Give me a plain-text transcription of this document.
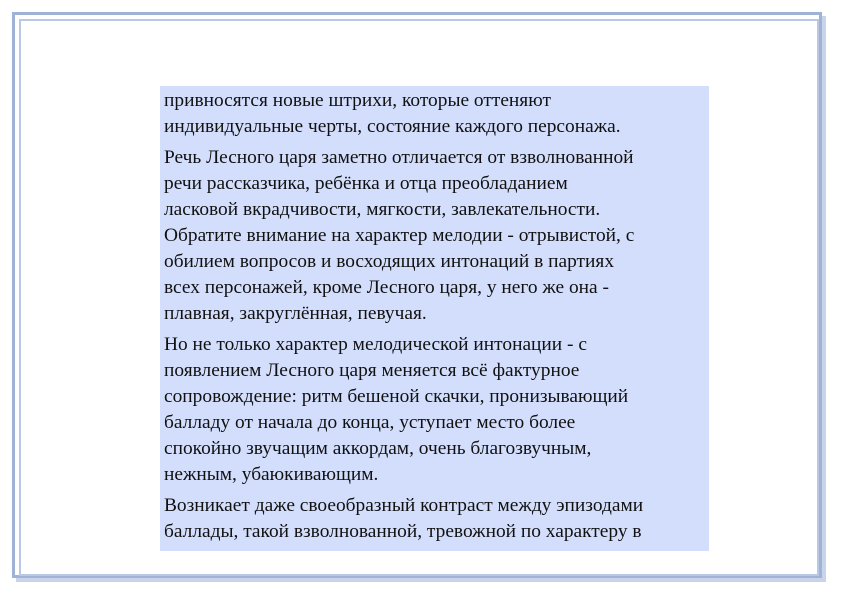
привносятся новые штрихи, которые оттеняют
индивидуальные черты, состояние каждого персонажа.

Речь Лесного царя заметно отличается от взволнованной
речи рассказчика, ребёнка и отца преобладанием
ласковой вкрадчивости, мягкости, завлекательности.
Обратите внимание на характер мелодии - отрывистой, с
обилием вопросов и восходящих интонаций в партиях
всех персонажей, кроме Лесного царя, у него же она -
плавная, закруглённая, певучая.

Но не только характер мелодической интонации - с
появлением Лесного царя меняется всё фактурное
сопровождение: ритм бешеной скачки, пронизывающий
балладу от начала до конца, уступает место более
спокойно звучащим аккордам, очень благозвучным,
нежным, убаюкивающим.

Возникает даже своеобразный контраст между эпизодами
баллады, такой взволнованной, тревожной по характеру в
